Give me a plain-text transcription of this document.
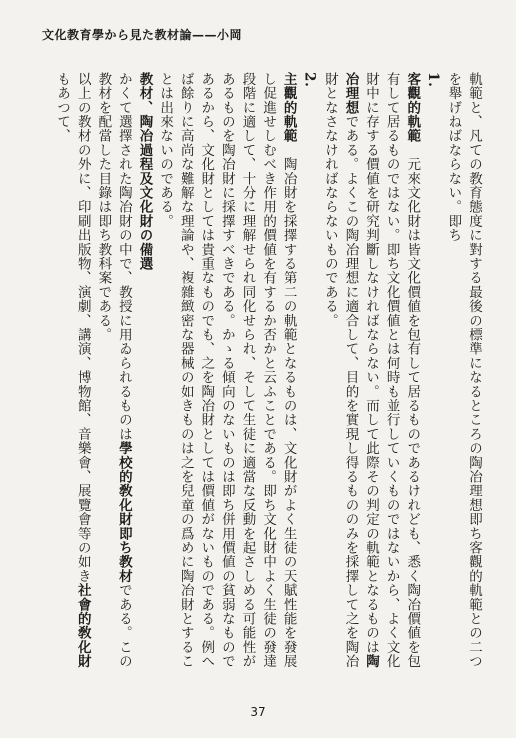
文化教育學から見た教材論——小岡

軌範と、凡ての教育態度に對する最後の標準になるところの陶冶理想即ち客觀的軌範との二つを舉げねばならない。即ち

1.

客觀的軌範　元來文化財は皆文化價値を包有して居るものであるけれども、悉く陶冶價値を包有して居るものではない。即ち文化價値とは何時も並行していくものではないから、よく文化財中に存する價値を研究判斷しなければならない。而して此際その判定の軌範となるものは陶冶理想である。よくこの陶冶理想に適合して、目的を實現し得るもののみを採擇して之を陶冶財となさなければならないものである。

2.

主觀的軌範　陶冶財を採擇する第二の軌範となるものは、文化財がよく生徒の天賦性能を發展し促進せしむべき作用的價値を有するか否かと云ふことである。即ち文化財中よく生徒の發達段階に適して、十分に理解せられ同化せられ、そして生徒に適當な反動を起さしめる可能性があるものを陶冶財に採擇すべきである。かゝる傾向のないものは即ち併用價値の貧弱なものであるから、文化財としては貴重なものでも、之を陶冶財としては價値がないものである。例へば餘りに高尚な難解な理論や、複雜緻密な器械の如きものは之を兒童の爲めに陶冶財とすることは出來ないのである。

教材、陶冶過程及文化財の備選

かくて選擇された陶冶財の中で、教授に用ゐられるものは學校的敎化財即ち教材である。この教材を配當した目錄は即ち教科案である。

以上の教材の外に、印刷出版物、演劇、講演、博物館、音樂會、展覽會等の如き社會的敎化財もあつて、

37
